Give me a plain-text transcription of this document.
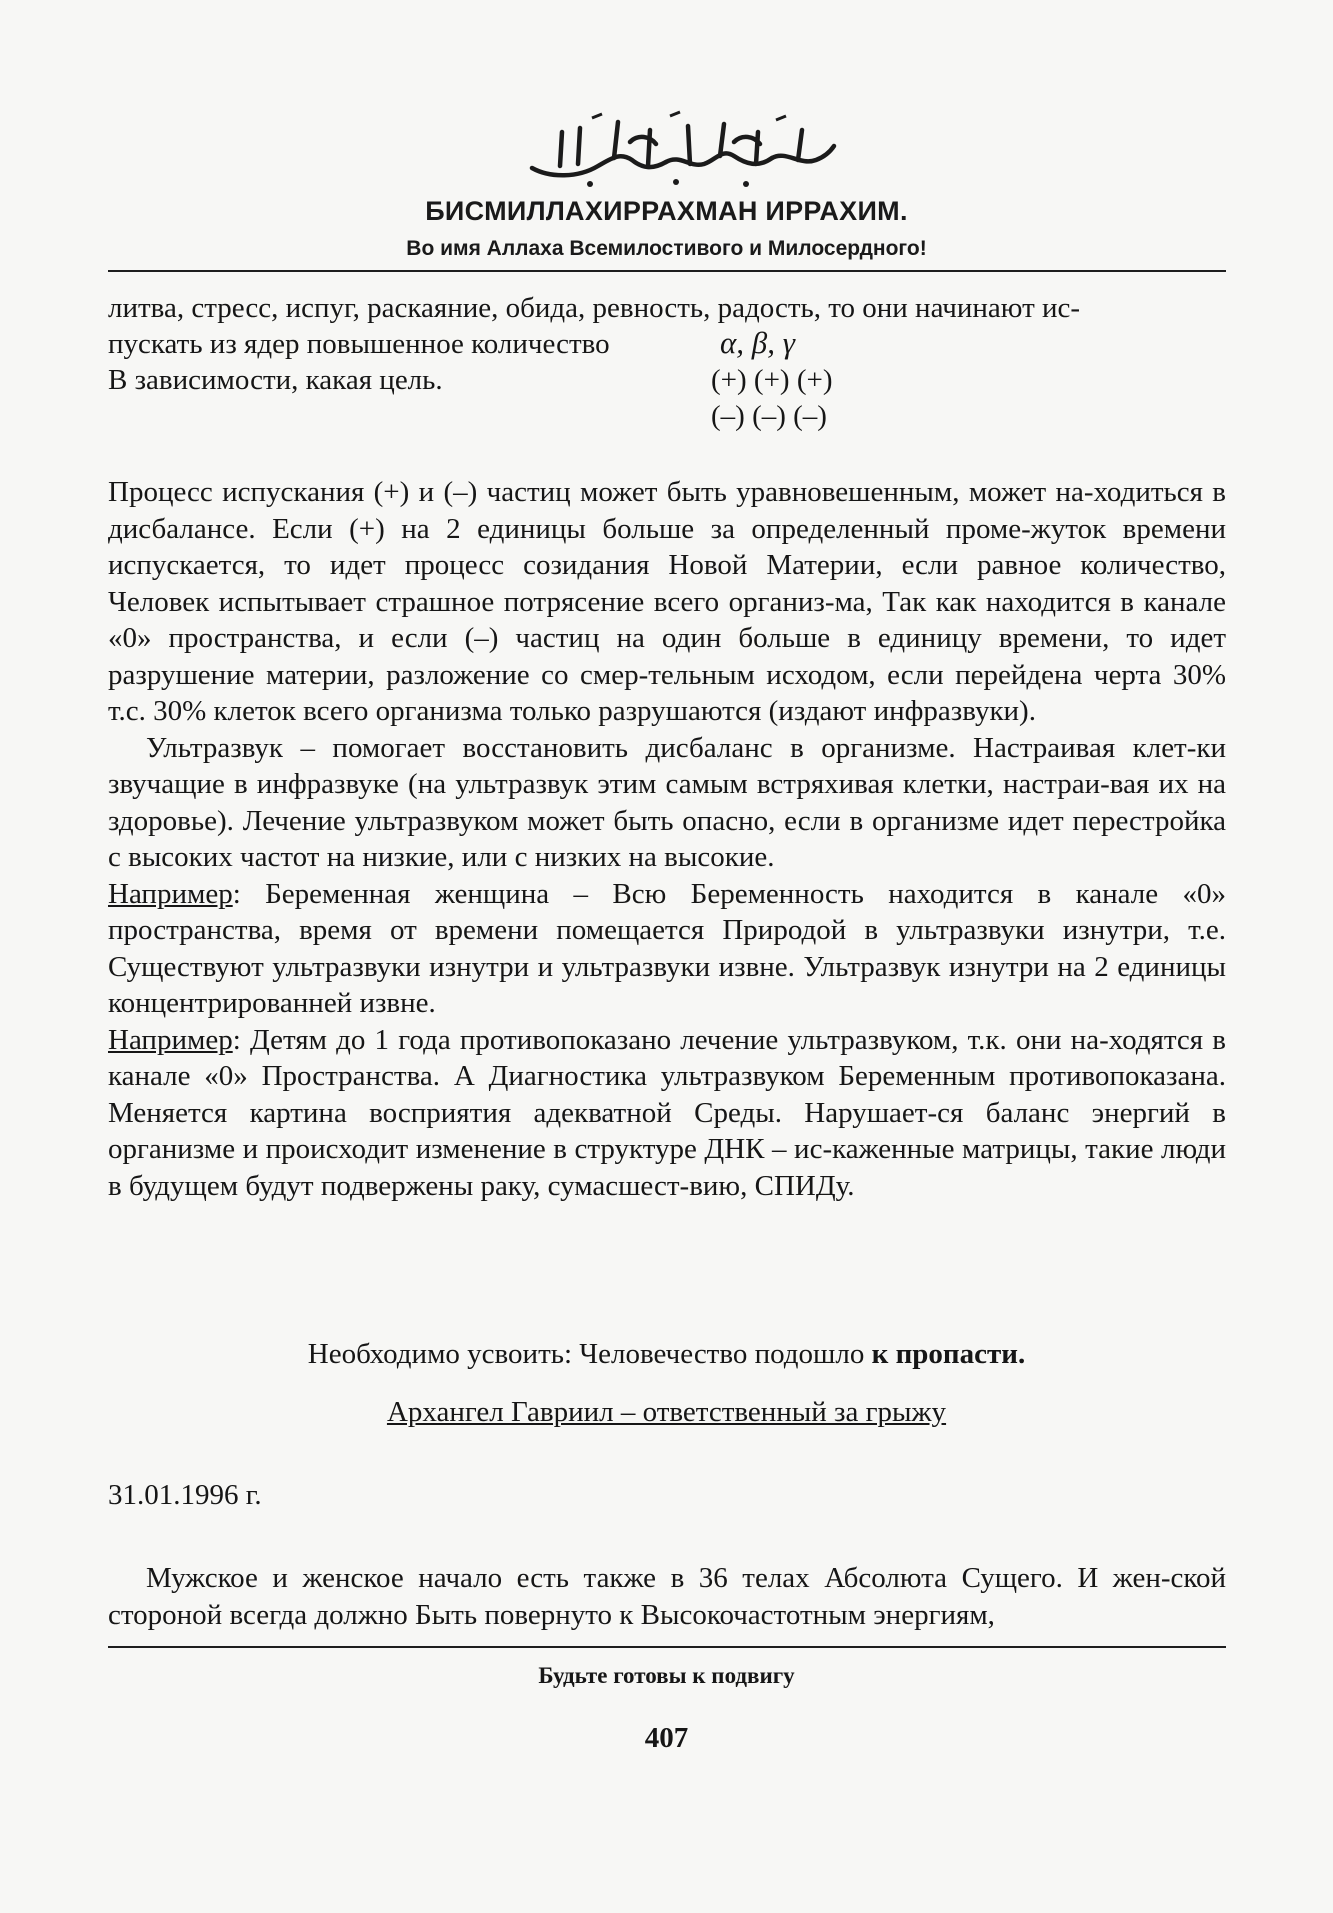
БИСМИЛЛАХИРРАХМАН ИРРАХИМ.
Во имя Аллаха Всемилостивого и Милосердного!
литва, стресс, испуг, раскаяние, обида, ревность, радость, то они начинают ис-
пускать из ядер повышенное количество
В зависимости, какая цель.
α, β, γ
(+) (+) (+)
(–) (–) (–)

Процесс испускания (+) и (–) частиц может быть уравновешенным, может на-ходиться в дисбалансе. Если (+) на 2 единицы больше за определенный проме-жуток времени испускается, то идет процесс созидания Новой Материи, если равное количество, Человек испытывает страшное потрясение всего организ-ма, Так как находится в канале «0» пространства, и если (–) частиц на один больше в единицу времени, то идет разрушение материи, разложение со смер-тельным исходом, если перейдена черта 30% т.с. 30% клеток всего организма только разрушаются (издают инфразвуки).

Ультразвук – помогает восстановить дисбаланс в организме. Настраивая клет-ки звучащие в инфразвуке (на ультразвук этим самым встряхивая клетки, настраи-вая их на здоровье). Лечение ультразвуком может быть опасно, если в организме идет перестройка с высоких частот на низкие, или с низких на высокие.

Например: Беременная женщина – Всю Беременность находится в канале «0» пространства, время от времени помещается Природой в ультразвуки изнутри, т.е. Существуют ультразвуки изнутри и ультразвуки извне. Ультразвук изнутри на 2 единицы концентрированней извне.

Например: Детям до 1 года противопоказано лечение ультразвуком, т.к. они на-ходятся в канале «0» Пространства. А Диагностика ультразвуком Беременным противопоказана. Меняется картина восприятия адекватной Среды. Нарушает-ся баланс энергий в организме и происходит изменение в структуре ДНК – ис-каженные матрицы, такие люди в будущем будут подвержены раку, сумасшест-вию, СПИДу.

Необходимо усвоить: Человечество подошло к пропасти.
Архангел Гавриил – ответственный за грыжу
31.01.1996 г.

Мужское и женское начало есть также в 36 телах Абсолюта Сущего. И жен-ской стороной всегда должно Быть повернуто к Высокочастотным энергиям,

Будьте готовы к подвигу
407
